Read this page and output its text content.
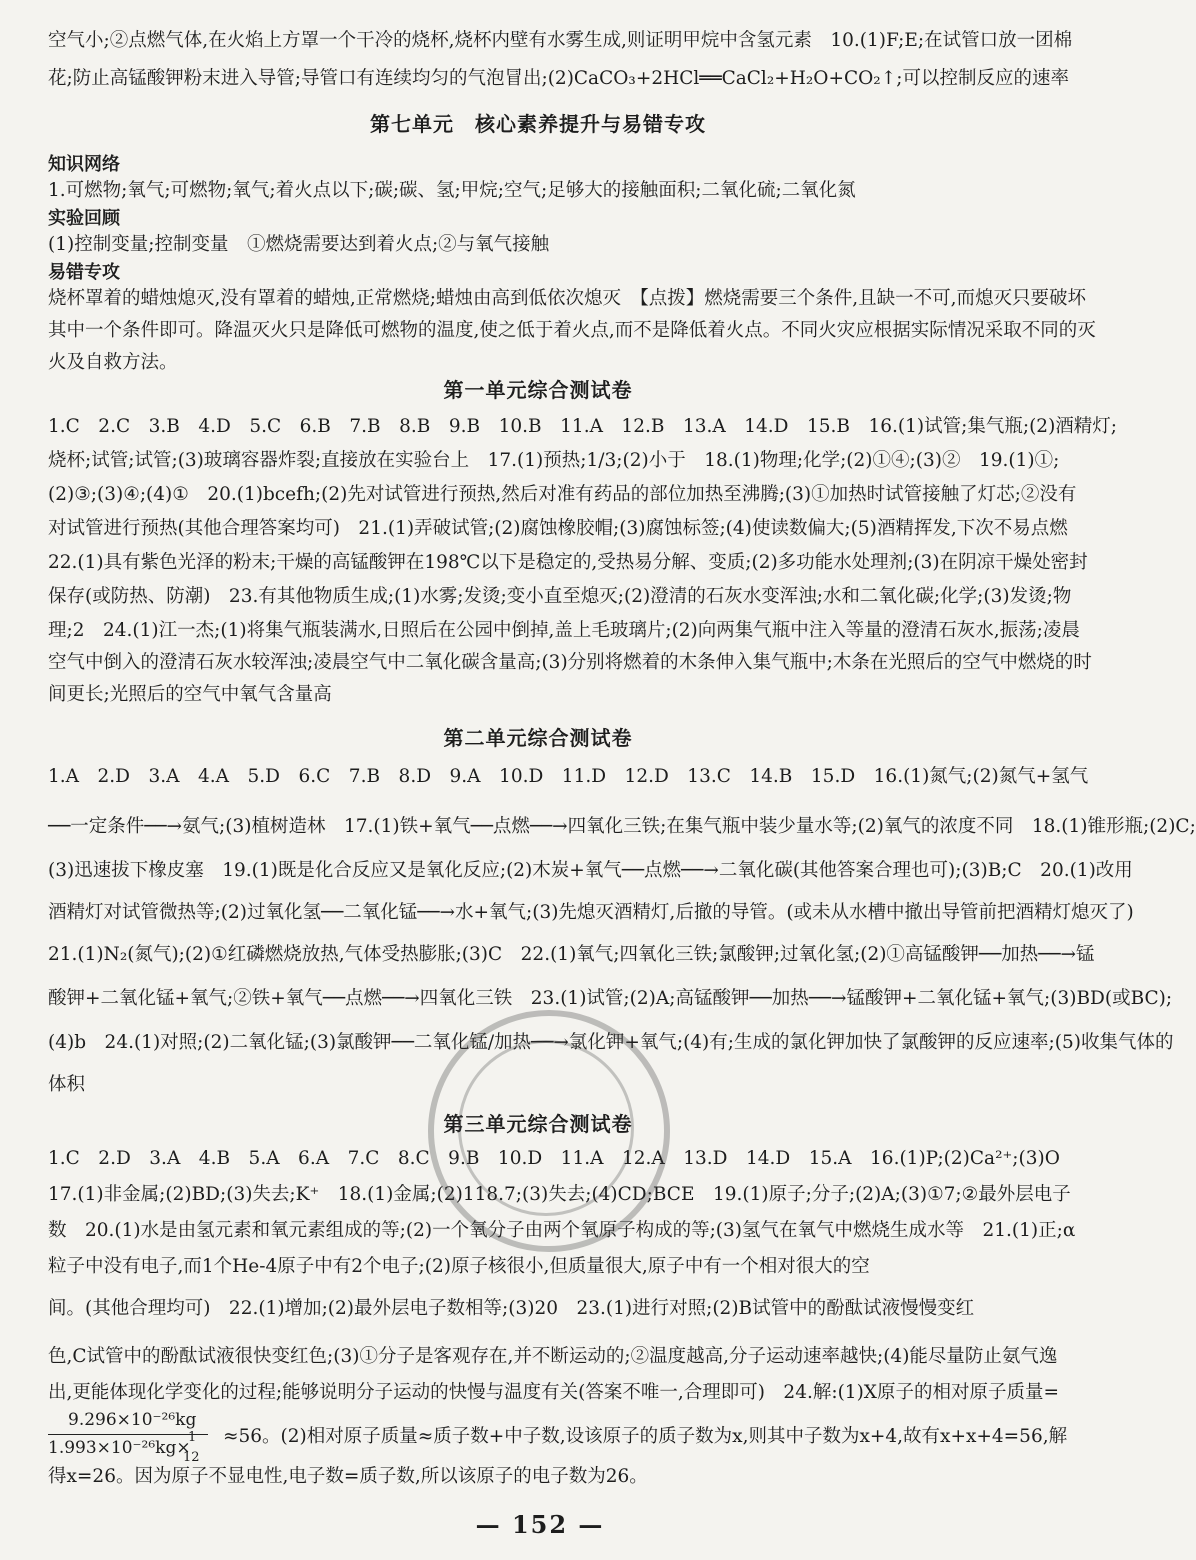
空气小;②点燃气体,在火焰上方罩一个干冷的烧杯,烧杯内壁有水雾生成,则证明甲烷中含氢元素　10.(1)F;E;在试管口放一团棉
花;防止高锰酸钾粉末进入导管;导管口有连续均匀的气泡冒出;(2)CaCO₃+2HCl══CaCl₂+H₂O+CO₂↑;可以控制反应的速率
第七单元　核心素养提升与易错专攻
知识网络
1.可燃物;氧气;可燃物;氧气;着火点以下;碳;碳、氢;甲烷;空气;足够大的接触面积;二氧化硫;二氧化氮
实验回顾
(1)控制变量;控制变量　①燃烧需要达到着火点;②与氧气接触
易错专攻
烧杯罩着的蜡烛熄灭,没有罩着的蜡烛,正常燃烧;蜡烛由高到低依次熄灭　【点拨】燃烧需要三个条件,且缺一不可,而熄灭只要破坏
其中一个条件即可。降温灭火只是降低可燃物的温度,使之低于着火点,而不是降低着火点。不同火灾应根据实际情况采取不同的灭
火及自救方法。
第一单元综合测试卷
1.C　2.C　3.B　4.D　5.C　6.B　7.B　8.B　9.B　10.B　11.A　12.B　13.A　14.D　15.B　16.(1)试管;集气瓶;(2)酒精灯;
烧杯;试管;试管;(3)玻璃容器炸裂;直接放在实验台上　17.(1)预热;1/3;(2)小于　18.(1)物理;化学;(2)①④;(3)②　19.(1)①;
(2)③;(3)④;(4)①　20.(1)bcefh;(2)先对试管进行预热,然后对准有药品的部位加热至沸腾;(3)①加热时试管接触了灯芯;②没有
对试管进行预热(其他合理答案均可)　21.(1)弄破试管;(2)腐蚀橡胶帽;(3)腐蚀标签;(4)使读数偏大;(5)酒精挥发,下次不易点燃
22.(1)具有紫色光泽的粉末;干燥的高锰酸钾在198℃以下是稳定的,受热易分解、变质;(2)多功能水处理剂;(3)在阴凉干燥处密封
保存(或防热、防潮)　23.有其他物质生成;(1)水雾;发烫;变小直至熄灭;(2)澄清的石灰水变浑浊;水和二氧化碳;化学;(3)发烫;物
理;2　24.(1)江一杰;(1)将集气瓶装满水,日照后在公园中倒掉,盖上毛玻璃片;(2)向两集气瓶中注入等量的澄清石灰水,振荡;凌晨
空气中倒入的澄清石灰水较浑浊;凌晨空气中二氧化碳含量高;(3)分别将燃着的木条伸入集气瓶中;木条在光照后的空气中燃烧的时
间更长;光照后的空气中氧气含量高
第二单元综合测试卷
1.A　2.D　3.A　4.A　5.D　6.C　7.B　8.D　9.A　10.D　11.D　12.D　13.C　14.B　15.D　16.(1)氮气;(2)氮气+氢气
──一定条件──→氨气;(3)植树造林　17.(1)铁+氧气──点燃──→四氧化三铁;在集气瓶中装少量水等;(2)氧气的浓度不同　18.(1)锥形瓶;(2)C;
(3)迅速拔下橡皮塞　19.(1)既是化合反应又是氧化反应;(2)木炭+氧气──点燃──→二氧化碳(其他答案合理也可);(3)B;C　20.(1)改用
酒精灯对试管微热等;(2)过氧化氢──二氧化锰──→水+氧气;(3)先熄灭酒精灯,后撤的导管。(或未从水槽中撤出导管前把酒精灯熄灭了)
21.(1)N₂(氮气);(2)①红磷燃烧放热,气体受热膨胀;(3)C　22.(1)氧气;四氧化三铁;氯酸钾;过氧化氢;(2)①高锰酸钾──加热──→锰
酸钾+二氧化锰+氧气;②铁+氧气──点燃──→四氧化三铁　23.(1)试管;(2)A;高锰酸钾──加热──→锰酸钾+二氧化锰+氧气;(3)BD(或BC);
(4)b　24.(1)对照;(2)二氧化锰;(3)氯酸钾──二氧化锰/加热──→氯化钾+氧气;(4)有;生成的氯化钾加快了氯酸钾的反应速率;(5)收集气体的
体积
第三单元综合测试卷
1.C　2.D　3.A　4.B　5.A　6.A　7.C　8.C　9.B　10.D　11.A　12.A　13.D　14.D　15.A　16.(1)P;(2)Ca²⁺;(3)O
17.(1)非金属;(2)BD;(3)失去;K⁺　18.(1)金属;(2)118.7;(3)失去;(4)CD;BCE　19.(1)原子;分子;(2)A;(3)①7;②最外层电子
数　20.(1)水是由氢元素和氧元素组成的等;(2)一个氧分子由两个氧原子构成的等;(3)氢气在氧气中燃烧生成水等　21.(1)正;α
粒子中没有电子,而1个He-4原子中有2个电子;(2)原子核很小,但质量很大,原子中有一个相对很大的空
间。(其他合理均可)　22.(1)增加;(2)最外层电子数相等;(3)20　23.(1)进行对照;(2)B试管中的酚酞试液慢慢变红
色,C试管中的酚酞试液很快变红色;(3)①分子是客观存在,并不断运动的;②温度越高,分子运动速率越快;(4)能尽量防止氨气逸
出,更能体现化学变化的过程;能够说明分子运动的快慢与温度有关(答案不唯一,合理即可)　24.解:(1)X原子的相对原子质量=
9.296×10⁻²⁶kg
1.993×10⁻²⁶kg×
1
12
≈56。(2)相对原子质量≈质子数+中子数,设该原子的质子数为x,则其中子数为x+4,故有x+x+4=56,解
得x=26。因为原子不显电性,电子数=质子数,所以该原子的电子数为26。
— 152 —
